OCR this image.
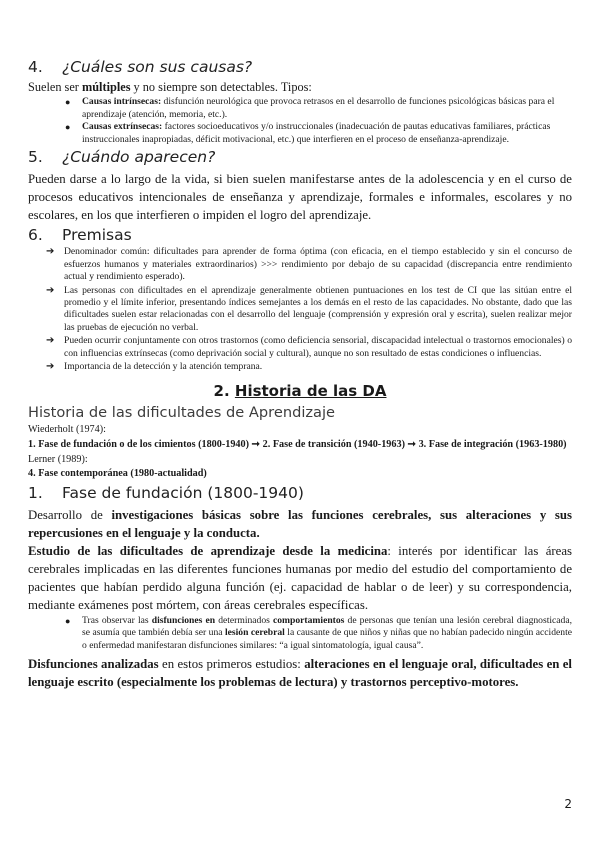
4.	¿Cuáles son sus causas?

Suelen ser múltiples y no siempre son detectables. Tipos:

● Causas intrínsecas: disfunción neurológica que provoca retrasos en el desarrollo de funciones psicológicas básicas para el aprendizaje (atención, memoria, etc.).
● Causas extrínsecas: factores socioeducativos y/o instruccionales (inadecuación de pautas educativas familiares, prácticas instruccionales inapropiadas, déficit motivacional, etc.) que interfieren en el proceso de enseñanza-aprendizaje.
5.	¿Cuándo aparecen?

Pueden darse a lo largo de la vida, si bien suelen manifestarse antes de la adolescencia y en el curso de procesos educativos intencionales de enseñanza y aprendizaje, formales e informales, escolares y no escolares, en los que interfieren o impiden el logro del aprendizaje.

6.	Premisas
➔ Denominador común: dificultades para aprender de forma óptima (con eficacia, en el tiempo establecido y sin el concurso de esfuerzos humanos y materiales extraordinarios) >>> rendimiento por debajo de su capacidad (discrepancia entre rendimiento actual y rendimiento esperado).
➔ Las personas con dificultades en el aprendizaje generalmente obtienen puntuaciones en los test de CI que las sitúan entre el promedio y el límite inferior, presentando índices semejantes a los demás en el resto de las capacidades. No obstante, dado que las dificultades suelen estar relacionadas con el desarrollo del lenguaje (comprensión y expresión oral y escrita), suelen realizar mejor las pruebas de ejecución no verbal.
➔ Pueden ocurrir conjuntamente con otros trastornos (como deficiencia sensorial, discapacidad intelectual o trastornos emocionales) o con influencias extrínsecas (como deprivación social y cultural), aunque no son resultado de estas condiciones o influencias.
➔ Importancia de la detección y la atención temprana.
2. Historia de las DA
Historia de las dificultades de Aprendizaje

Wiederholt (1974):

1. Fase de fundación o de los cimientos (1800-1940) ➞ 2. Fase de transición (1940-1963) ➞ 3. Fase de integración (1963-1980)

Lerner (1989):

4. Fase contemporánea (1980-actualidad)

1.	Fase de fundación (1800-1940)

Desarrollo de investigaciones básicas sobre las funciones cerebrales, sus alteraciones y sus repercusiones en el lenguaje y la conducta.

Estudio de las dificultades de aprendizaje desde la medicina: interés por identificar las áreas cerebrales implicadas en las diferentes funciones humanas por medio del estudio del comportamiento de pacientes que habían perdido alguna función (ej. capacidad de hablar o de leer) y su correspondencia, mediante exámenes post mórtem, con áreas cerebrales específicas.

● Tras observar las disfunciones en determinados comportamientos de personas que tenían una lesión cerebral diagnosticada, se asumía que también debía ser una lesión cerebral la causante de que niños y niñas que no habían padecido ningún accidente o enfermedad manifestaran disfunciones similares: “a igual sintomatología, igual causa”.

Disfunciones analizadas en estos primeros estudios: alteraciones en el lenguaje oral, dificultades en el lenguaje escrito (especialmente los problemas de lectura) y trastornos perceptivo-motores.

2
